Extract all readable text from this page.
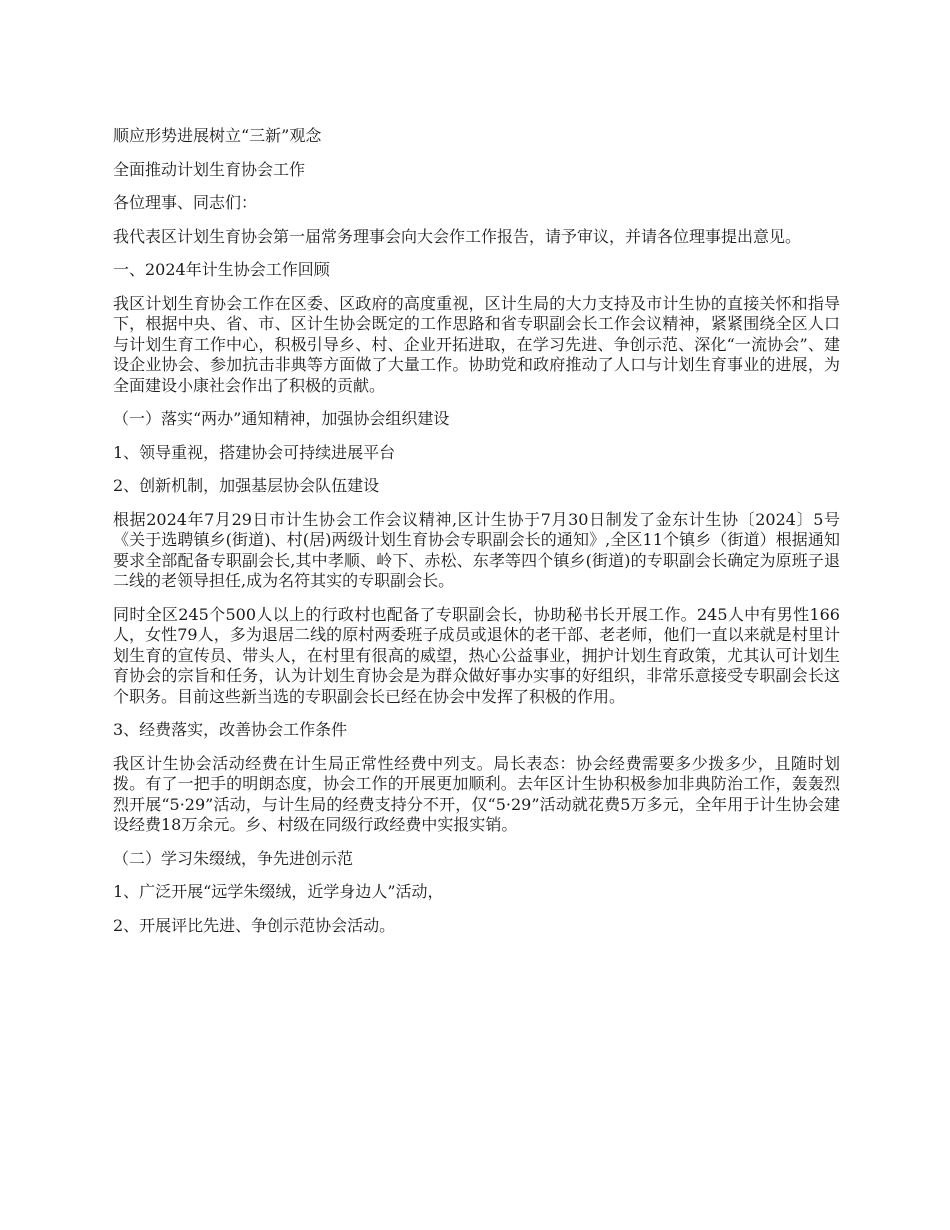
顺应形势进展树立“三新”观念

全面推动计划生育协会工作

各位理事、同志们：

我代表区计划生育协会第一届常务理事会向大会作工作报告，请予审议，并请各位理事提出意见。

一、2024年计生协会工作回顾

我区计划生育协会工作在区委、区政府的高度重视，区计生局的大力支持及市计生协的直接关怀和指导下，根据中央、省、市、区计生协会既定的工作思路和省专职副会长工作会议精神，紧紧围绕全区人口与计划生育工作中心，积极引导乡、村、企业开拓进取，在学习先进、争创示范、深化“一流协会”、建设企业协会、参加抗击非典等方面做了大量工作。协助党和政府推动了人口与计划生育事业的进展，为全面建设小康社会作出了积极的贡献。

（一）落实“两办”通知精神，加强协会组织建设

1、领导重视，搭建协会可持续进展平台

2、创新机制，加强基层协会队伍建设

根据2024年7月29日市计生协会工作会议精神,区计生协于7月30日制发了金东计生协〔2024〕5号《关于选聘镇乡(街道)、村(居)两级计划生育协会专职副会长的通知》,全区11个镇乡（街道）根据通知要求全部配备专职副会长,其中孝顺、岭下、赤松、东孝等四个镇乡(街道)的专职副会长确定为原班子退二线的老领导担任,成为名符其实的专职副会长。

同时全区245个500人以上的行政村也配备了专职副会长，协助秘书长开展工作。245人中有男性166人，女性79人，多为退居二线的原村两委班子成员或退休的老干部、老老师，他们一直以来就是村里计划生育的宣传员、带头人，在村里有很高的威望，热心公益事业，拥护计划生育政策，尤其认可计划生育协会的宗旨和任务，认为计划生育协会是为群众做好事办实事的好组织，非常乐意接受专职副会长这个职务。目前这些新当选的专职副会长已经在协会中发挥了积极的作用。

3、经费落实，改善协会工作条件

我区计生协会活动经费在计生局正常性经费中列支。局长表态：协会经费需要多少拨多少，且随时划拨。有了一把手的明朗态度，协会工作的开展更加顺利。去年区计生协积极参加非典防治工作，轰轰烈烈开展“5·29”活动，与计生局的经费支持分不开，仅“5·29”活动就花费5万多元，全年用于计生协会建设经费18万余元。乡、村级在同级行政经费中实报实销。

（二）学习朱缀绒，争先进创示范

1、广泛开展“远学朱缀绒，近学身边人”活动，

2、开展评比先进、争创示范协会活动。
